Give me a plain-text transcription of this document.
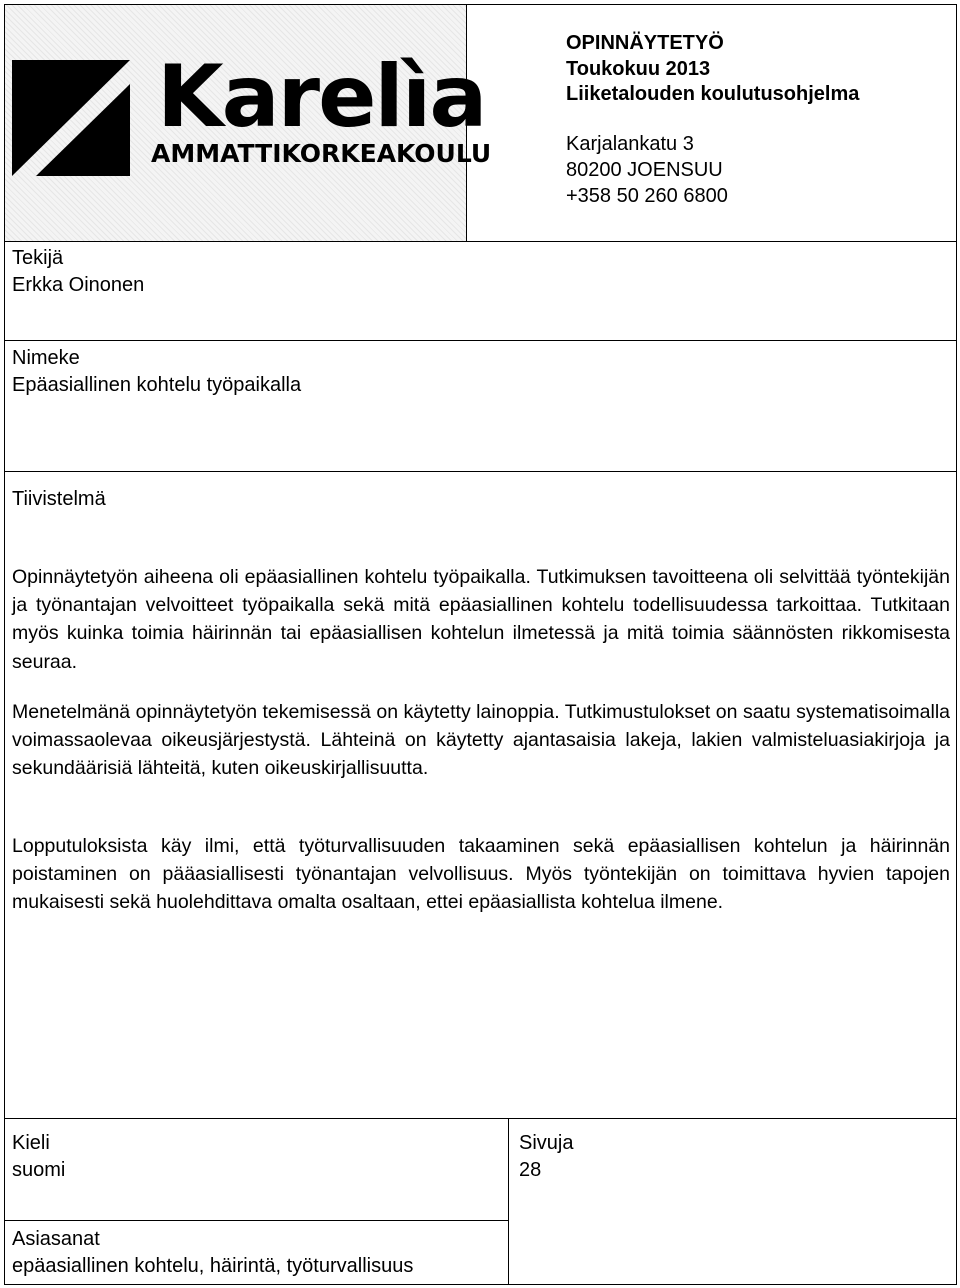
Karelìa
AMMATTIKORKEAKOULU
OPINNÄYTETYÖ
Toukokuu 2013
Liiketalouden koulutusohjelma
Karjalankatu 3
80200 JOENSUU
+358 50 260 6800
Tekijä
Erkka Oinonen
Nimeke
Epäasiallinen kohtelu työpaikalla
Tiivistelmä
Opinnäytetyön aiheena oli epäasiallinen kohtelu työpaikalla. Tutkimuksen tavoitteena oli selvittää työntekijän ja työnantajan velvoitteet työpaikalla sekä mitä epäasiallinen kohtelu todellisuudessa tarkoittaa. Tutkitaan myös kuinka toimia häirinnän tai epäasiallisen kohtelun ilmetessä ja mitä toimia säännösten rikkomisesta seuraa.
Menetelmänä opinnäytetyön tekemisessä on käytetty lainoppia. Tutkimustulokset on saatu systematisoimalla voimassaolevaa oikeusjärjestystä. Lähteinä on käytetty ajantasaisia lakeja, lakien valmisteluasiakirjoja ja sekundäärisiä lähteitä, kuten oikeuskirjallisuutta.
Lopputuloksista käy ilmi, että työturvallisuuden takaaminen sekä epäasiallisen kohtelun ja häirinnän poistaminen on pääasiallisesti työnantajan velvollisuus. Myös työntekijän on toimittava hyvien tapojen mukaisesti sekä huolehdittava omalta osaltaan, ettei epäasiallista kohtelua ilmene.
Kieli
suomi
Sivuja
28
Asiasanat
epäasiallinen kohtelu, häirintä, työturvallisuus
